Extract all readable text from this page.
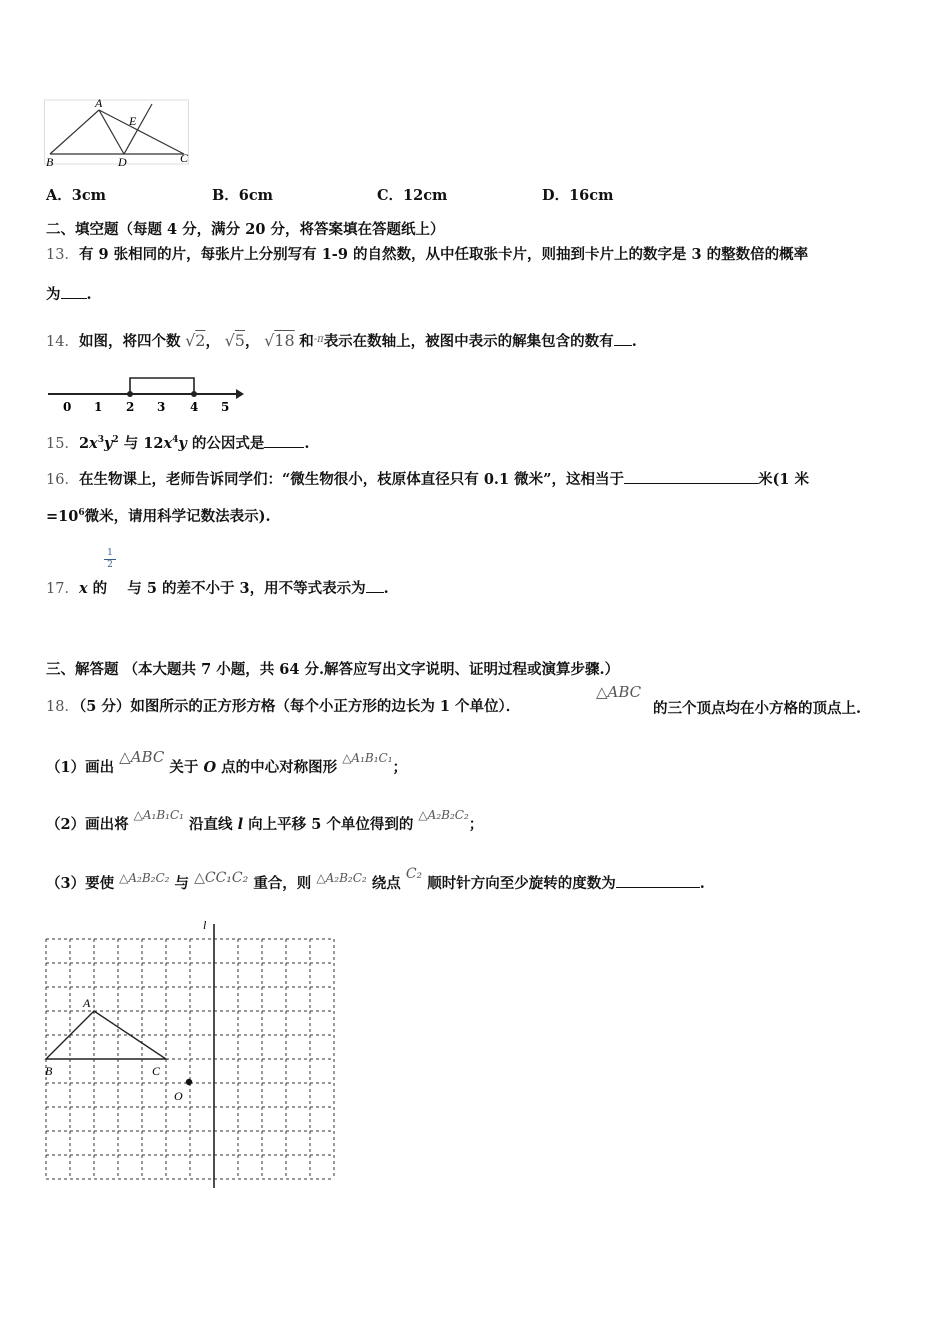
A
E
B	D	C
A．3cm	B．6cm	C．12cm	D．16cm
二、填空题（每题 4 分，满分 20 分，将答案填在答题纸上）
13．有 9 张相同的片，每张片上分别写有 1-9 的自然数，从中任取张卡片，则抽到卡片上的数字是 3 的整数倍的概率
为 .
14．如图，将四个数 √2， √5， √18 和$^{-\pi}$表示在数轴上，被图中表示的解集包含的数有 .
0 1 2 3 4 5
15．$2x^3y^2$ 与 $12x^4y$ 的公因式是	.
16．在生物课上，老师告诉同学们：“微生物很小，枝原体直径只有 0.1 微米”，这相当于	米(1 米
$=10^6$微米，请用科学记数法表示).
1
2
17．x 的  与 5 的差不小于 3，用不等式表示为 .
三、解答题 （本大题共 7 小题，共 64 分.解答应写出文字说明、证明过程或演算步骤.）
18．（5 分）如图所示的正方形方格（每个小正方形的边长为 1 个单位）．
△ABC
的三个顶点均在小方格的顶点上.
（1）画出 △ABC 关于 O 点的中心对称图形 $^{\triangle A_1B_1C_1}$；
（2）画出将 $^{\triangle A_1B_1C_1}$ 沿直线 l 向上平移 5 个单位得到的 $^{\triangle A_2B_2C_2}$；
（3）要使 $^{\triangle A_2B_2C_2}$ 与 △CC₁C₂ 重合，则 $^{\triangle A_2B_2C_2}$ 绕点 C₂ 顺时针方向至少旋转的度数为	.
l
A
B	C
O
